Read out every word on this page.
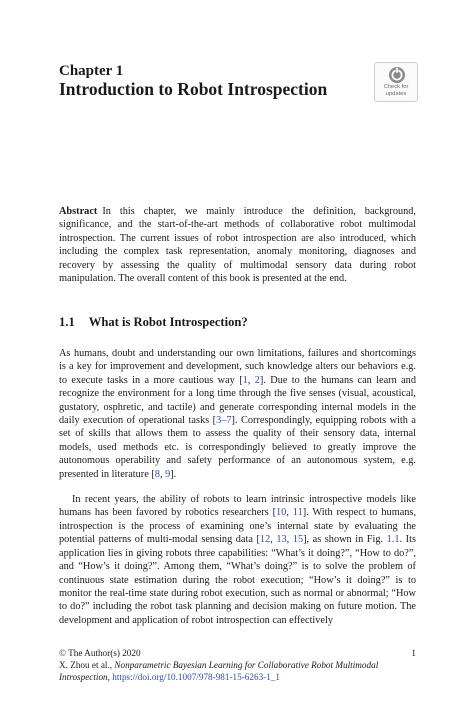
Chapter 1
Introduction to Robot Introspection	Check for
updates
Abstract In this chapter, we mainly introduce the definition, background, significance, and the start-of-the-art methods of collaborative robot multimodal introspection. The current issues of robot introspection are also introduced, which including the complex task representation, anomaly monitoring, diagnoses and recovery by assessing the quality of multimodal sensory data during robot manipulation. The overall content of this book is presented at the end.
1.1 What is Robot Introspection?

As humans, doubt and understanding our own limitations, failures and shortcomings is a key for improvement and development, such knowledge alters our behaviors e.g. to execute tasks in a more cautious way [1, 2]. Due to the humans can learn and recognize the environment for a long time through the five senses (visual, acoustical, gustatory, osphretic, and tactile) and generate corresponding internal models in the daily execution of operational tasks [3–7]. Correspondingly, equipping robots with a set of skills that allows them to assess the quality of their sensory data, internal models, used methods etc. is correspondingly believed to greatly improve the autonomous operability and safety performance of an autonomous system, e.g. presented in literature [8, 9].

In recent years, the ability of robots to learn intrinsic introspective models like humans has been favored by robotics researchers [10, 11]. With respect to humans, introspection is the process of examining one’s internal state by evaluating the potential patterns of multi-modal sensing data [12, 13, 15], as shown in Fig. 1.1. Its application lies in giving robots three capabilities: “What’s it doing?”, “How to do?”, and “How’s it doing?”. Among them, “What’s doing?” is to solve the problem of continuous state estimation during the robot execution; “How’s it doing?” is to monitor the real-time state during robot execution, such as normal or abnormal; “How to do?” including the robot task planning and decision making on future motion. The development and application of robot introspection can effectively

© The Author(s) 2020	1
X. Zhou et al., Nonparametric Bayesian Learning for Collaborative Robot Multimodal Introspection, https://doi.org/10.1007/978-981-15-6263-1_1
